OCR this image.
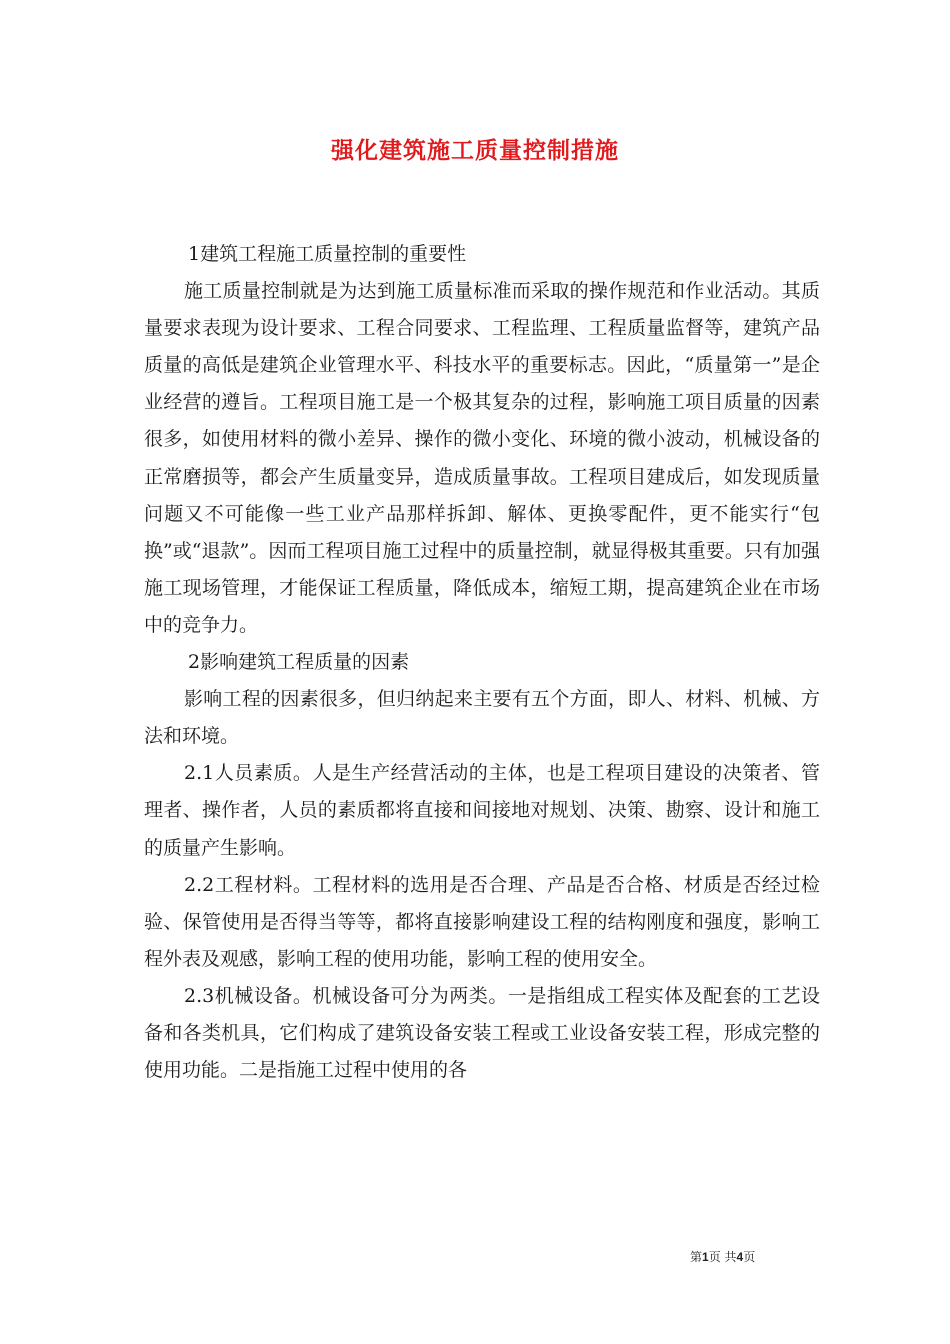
强化建筑施工质量控制措施

1建筑工程施工质量控制的重要性

施工质量控制就是为达到施工质量标准而采取的操作规范和作业活动。其质量要求表现为设计要求、工程合同要求、工程监理、工程质量监督等，建筑产品质量的高低是建筑企业管理水平、科技水平的重要标志。因此，“质量第一”是企业经营的遵旨。工程项目施工是一个极其复杂的过程，影响施工项目质量的因素很多，如使用材料的微小差异、操作的微小变化、环境的微小波动，机械设备的正常磨损等，都会产生质量变异，造成质量事故。工程项目建成后，如发现质量问题又不可能像一些工业产品那样拆卸、解体、更换零配件，更不能实行“包换”或“退款”。因而工程项目施工过程中的质量控制，就显得极其重要。只有加强施工现场管理，才能保证工程质量，降低成本，缩短工期，提高建筑企业在市场中的竞争力。

2影响建筑工程质量的因素

影响工程的因素很多，但归纳起来主要有五个方面，即人、材料、机械、方法和环境。

2.1人员素质。人是生产经营活动的主体，也是工程项目建设的决策者、管理者、操作者，人员的素质都将直接和间接地对规划、决策、勘察、设计和施工的质量产生影响。

2.2工程材料。工程材料的选用是否合理、产品是否合格、材质是否经过检验、保管使用是否得当等等，都将直接影响建设工程的结构刚度和强度，影响工程外表及观感，影响工程的使用功能，影响工程的使用安全。

2.3机械设备。机械设备可分为两类。一是指组成工程实体及配套的工艺设备和各类机具，它们构成了建筑设备安装工程或工业设备安装工程，形成完整的使用功能。二是指施工过程中使用的各

第1页 共4页
